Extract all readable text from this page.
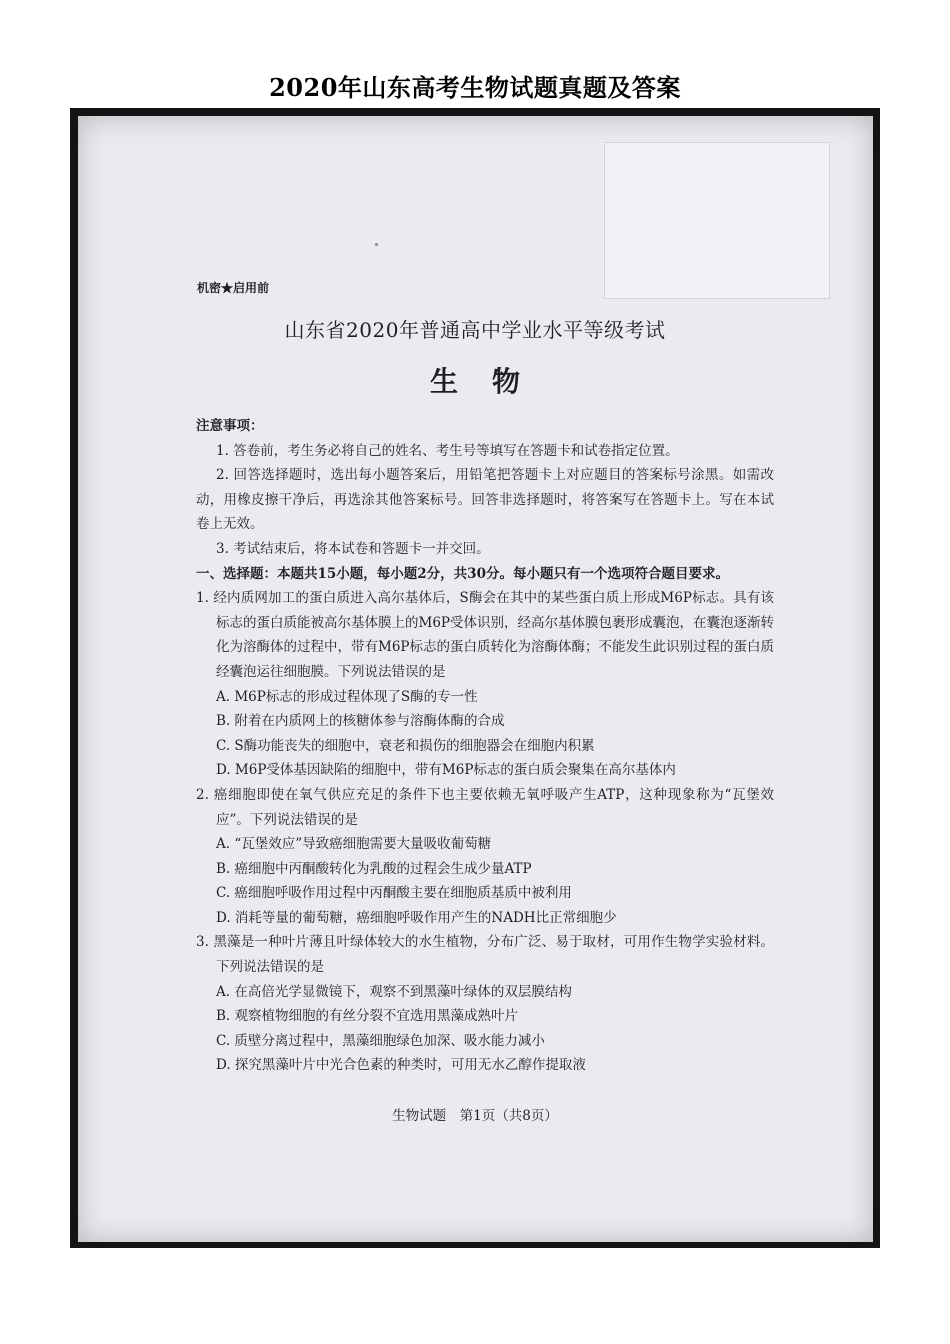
2020年山东高考生物试题真题及答案
机密★启用前
山东省2020年普通高中学业水平等级考试
生物
注意事项：
1. 答卷前，考生务必将自己的姓名、考生号等填写在答题卡和试卷指定位置。
2. 回答选择题时，选出每小题答案后，用铅笔把答题卡上对应题目的答案标号涂黑。如需改动，用橡皮擦干净后，再选涂其他答案标号。回答非选择题时，将答案写在答题卡上。写在本试卷上无效。
3. 考试结束后，将本试卷和答题卡一并交回。
一、选择题：本题共15小题，每小题2分，共30分。每小题只有一个选项符合题目要求。
1. 经内质网加工的蛋白质进入高尔基体后，S酶会在其中的某些蛋白质上形成M6P标志。具有该标志的蛋白质能被高尔基体膜上的M6P受体识别，经高尔基体膜包裹形成囊泡，在囊泡逐渐转化为溶酶体的过程中，带有M6P标志的蛋白质转化为溶酶体酶；不能发生此识别过程的蛋白质经囊泡运往细胞膜。下列说法错误的是
A. M6P标志的形成过程体现了S酶的专一性
B. 附着在内质网上的核糖体参与溶酶体酶的合成
C. S酶功能丧失的细胞中，衰老和损伤的细胞器会在细胞内积累
D. M6P受体基因缺陷的细胞中，带有M6P标志的蛋白质会聚集在高尔基体内
2. 癌细胞即使在氧气供应充足的条件下也主要依赖无氧呼吸产生ATP，这种现象称为“瓦堡效应”。下列说法错误的是
A. “瓦堡效应”导致癌细胞需要大量吸收葡萄糖
B. 癌细胞中丙酮酸转化为乳酸的过程会生成少量ATP
C. 癌细胞呼吸作用过程中丙酮酸主要在细胞质基质中被利用
D. 消耗等量的葡萄糖，癌细胞呼吸作用产生的NADH比正常细胞少
3. 黑藻是一种叶片薄且叶绿体较大的水生植物，分布广泛、易于取材，可用作生物学实验材料。下列说法错误的是
A. 在高倍光学显微镜下，观察不到黑藻叶绿体的双层膜结构
B. 观察植物细胞的有丝分裂不宜选用黑藻成熟叶片
C. 质壁分离过程中，黑藻细胞绿色加深、吸水能力减小
D. 探究黑藻叶片中光合色素的种类时，可用无水乙醇作提取液
生物试题　第1页（共8页）
